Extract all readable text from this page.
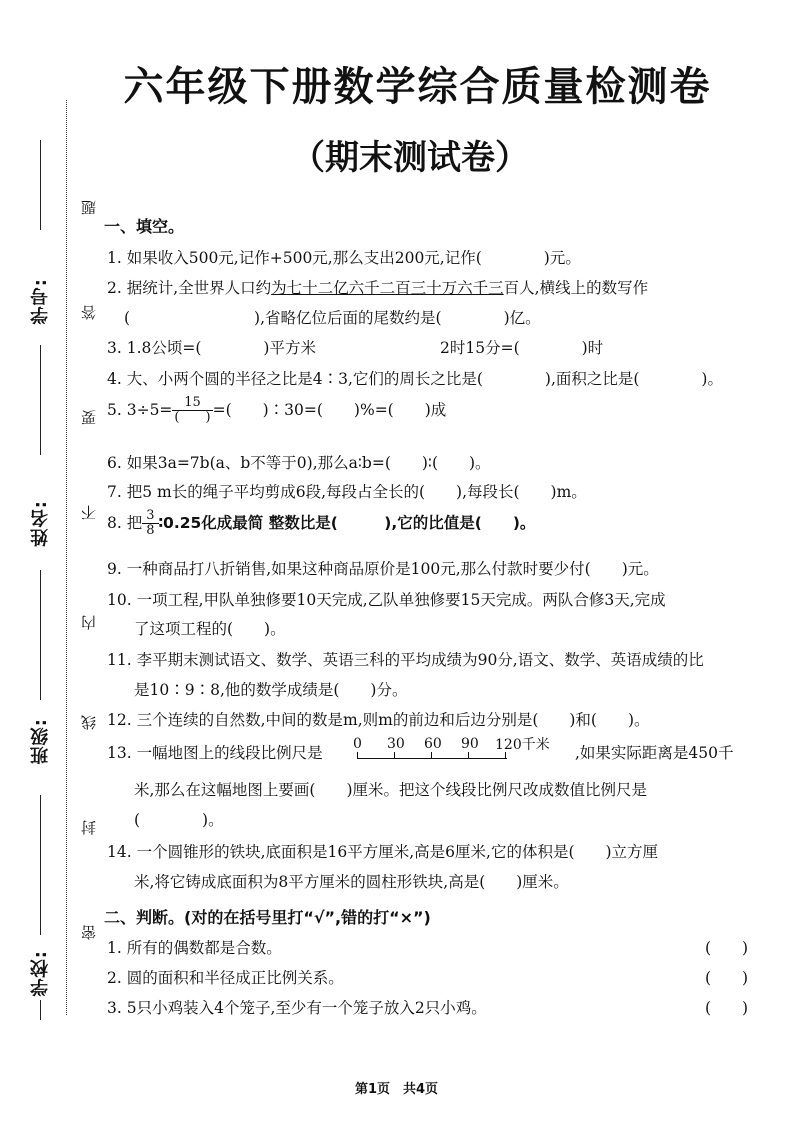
学号:
姓名:
班级:
学校:
题
答
要
不
内
线
封
密
六年级下册数学综合质量检测卷
（期末测试卷）
一、填空。
1. 如果收入500元,记作+500元,那么支出200元,记作(　　　　)元。
2. 据统计,全世界人口约为七十二亿六千二百三十万六千三百人,横线上的数写作
(　　　　　　　　),省略亿位后面的尾数约是(　　　　)亿。
3. 1.8公顷=(　　　　)平方米	2时15分=(　　　　)时
4. 大、小两个圆的半径之比是4∶3,它们的周长之比是(　　　　),面积之比是(　　　　)。
5. $3\div 5= \frac{15}{( )}$ =(　　)∶30=(　　)%=(　　)成
6. 如果3a=7b(a、b不等于0),那么a∶b=(　　)∶(　　)。
7. 把5 m长的绳子平均剪成6段,每段占全长的(　　),每段长(　　)m。
8. 把 $\frac{3}{8}$ ∶0.25化成最简 整数比是(　　　),它的比值是(　　)。
9. 一种商品打八折销售,如果这种商品原价是100元,那么付款时要少付(　　)元。
10. 一项工程,甲队单独修要10天完成,乙队单独修要15天完成。两队合修3天,完成
了这项工程的(　　)。
11. 李平期末测试语文、数学、英语三科的平均成绩为90分,语文、数学、英语成绩的比
是10∶9∶8,他的数学成绩是(　　)分。
12. 三个连续的自然数,中间的数是m,则m的前边和后边分别是(　　)和(　　)。
13. 一幅地图上的线段比例尺是 0 30 60 90 120千米 ,如果实际距离是450千
米,那么在这幅地图上要画(　　)厘米。把这个线段比例尺改成数值比例尺是
(　　　　)。
14. 一个圆锥形的铁块,底面积是16平方厘米,高是6厘米,它的体积是(　　)立方厘
米,将它铸成底面积为8平方厘米的圆柱形铁块,高是(　　)厘米。
二、判断。(对的在括号里打“√”,错的打“×”)
1. 所有的偶数都是合数。	(　　)
2. 圆的面积和半径成正比例关系。	(　　)
3. 5只小鸡装入4个笼子,至少有一个笼子放入2只小鸡。	(　　)
第1页　共4页
